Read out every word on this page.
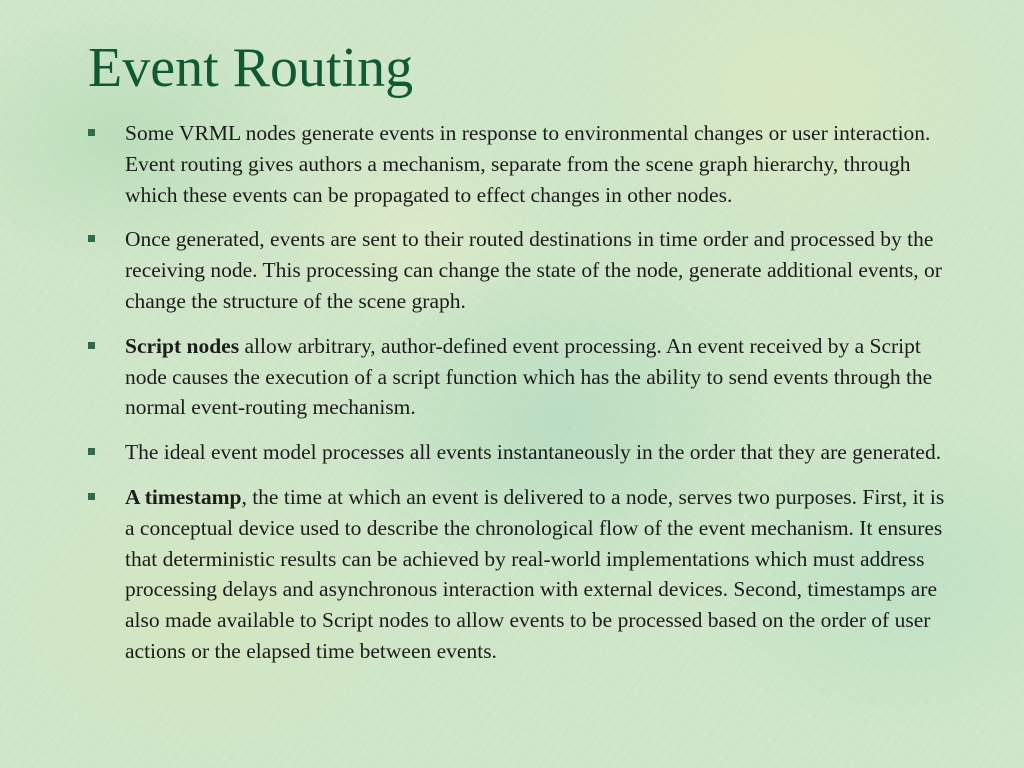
Event Routing
Some VRML nodes generate events in response to environmental changes or user interaction. Event routing gives authors a mechanism, separate from the scene graph hierarchy, through which these events can be propagated to effect changes in other nodes.
Once generated, events are sent to their routed destinations in time order and processed by the receiving node. This processing can change the state of the node, generate additional events, or change the structure of the scene graph.
Script nodes allow arbitrary, author-defined event processing. An event received by a Script node causes the execution of a script function which has the ability to send events through the normal event-routing mechanism.
The ideal event model processes all events instantaneously in the order that they are generated.
A timestamp, the time at which an event is delivered to a node, serves two purposes. First, it is a conceptual device used to describe the chronological flow of the event mechanism. It ensures that deterministic results can be achieved by real-world implementations which must address processing delays and asynchronous interaction with external devices. Second, timestamps are also made available to Script nodes to allow events to be processed based on the order of user actions or the elapsed time between events.
